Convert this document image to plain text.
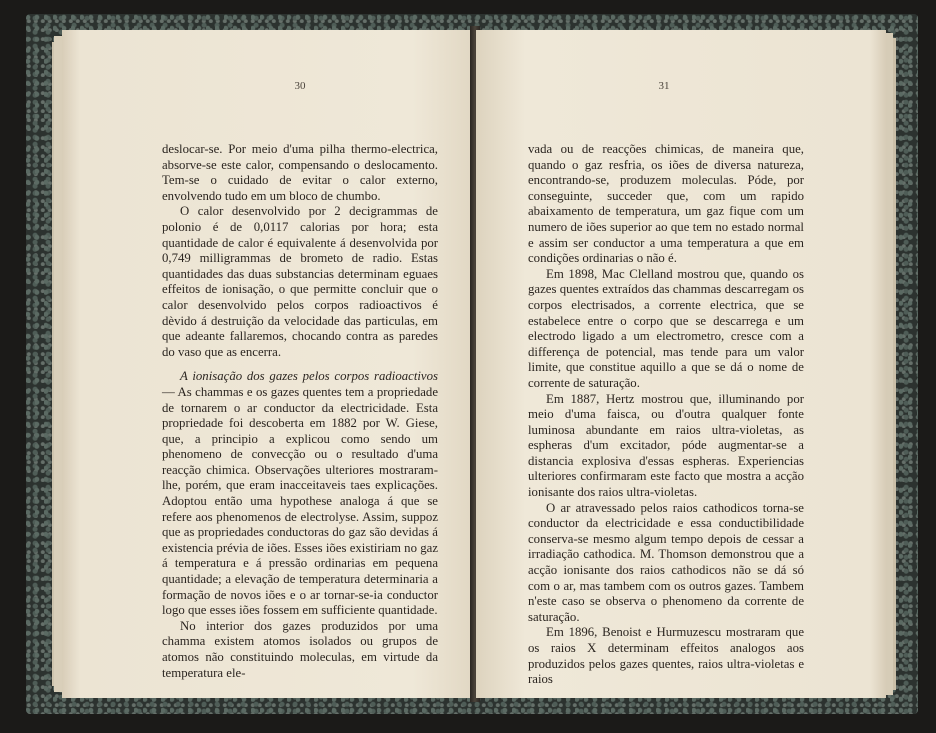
30

deslocar-se. Por meio d'uma pilha thermo-electrica, absorve-se este calor, compensando o deslocamento. Tem-se o cuidado de evitar o calor externo, envolvendo tudo em um bloco de chumbo.

O calor desenvolvido por 2 decigrammas de polonio é de 0,0117 calorias por hora; esta quantidade de calor é equivalente á desenvolvida por 0,749 milligrammas de brometo de radio. Estas quantidades das duas substancias determinam eguaes effeitos de ionisação, o que permitte concluir que o calor desenvolvido pelos corpos radioactivos é dèvido á destruição da velocidade das particulas, em que adeante fallaremos, chocando contra as paredes do vaso que as encerra.

A ionisação dos gazes pelos corpos radioactivos — As chammas e os gazes quentes tem a propriedade de tornarem o ar conductor da electricidade. Esta propriedade foi descoberta em 1882 por W. Giese, que, a principio a explicou como sendo um phenomeno de convecção ou o resultado d'uma reacção chimica. Observações ulteriores mostraram-lhe, porém, que eram inacceitaveis taes explicações. Adoptou então uma hypothese analoga á que se refere aos phenomenos de electrolyse. Assim, suppoz que as propriedades conductoras do gaz são devidas á existencia prévia de iões. Esses iões existiriam no gaz á temperatura e á pressão ordinarias em pequena quantidade; a elevação de temperatura determinaria a formação de novos iões e o ar tornar-se-ia conductor logo que esses iões fossem em sufficiente quantidade.

No interior dos gazes produzidos por uma chamma existem atomos isolados ou grupos de atomos não constituindo moleculas, em virtude da temperatura ele-

31

vada ou de reacções chimicas, de maneira que, quando o gaz resfria, os iões de diversa natureza, encontrando-se, produzem moleculas. Póde, por conseguinte, succeder que, com um rapido abaixamento de temperatura, um gaz fique com um numero de iões superior ao que tem no estado normal e assim ser conductor a uma temperatura a que em condições ordinarias o não é.

Em 1898, Mac Clelland mostrou que, quando os gazes quentes extraídos das chammas descarregam os corpos electrisados, a corrente electrica, que se estabelece entre o corpo que se descarrega e um electrodo ligado a um electrometro, cresce com a differença de potencial, mas tende para um valor limite, que constitue aquillo a que se dá o nome de corrente de saturação.

Em 1887, Hertz mostrou que, illuminando por meio d'uma faisca, ou d'outra qualquer fonte luminosa abundante em raios ultra-violetas, as espheras d'um excitador, póde augmentar-se a distancia explosiva d'essas espheras. Experiencias ulteriores confirmaram este facto que mostra a acção ionisante dos raios ultra-violetas.

O ar atravessado pelos raios cathodicos torna-se conductor da electricidade e essa conductibilidade conserva-se mesmo algum tempo depois de cessar a irradiação cathodica. M. Thomson demonstrou que a acção ionisante dos raios cathodicos não se dá só com o ar, mas tambem com os outros gazes. Tambem n'este caso se observa o phenomeno da corrente de saturação.

Em 1896, Benoist e Hurmuzescu mostraram que os raios X determinam effeitos analogos aos produzidos pelos gazes quentes, raios ultra-violetas e raios
